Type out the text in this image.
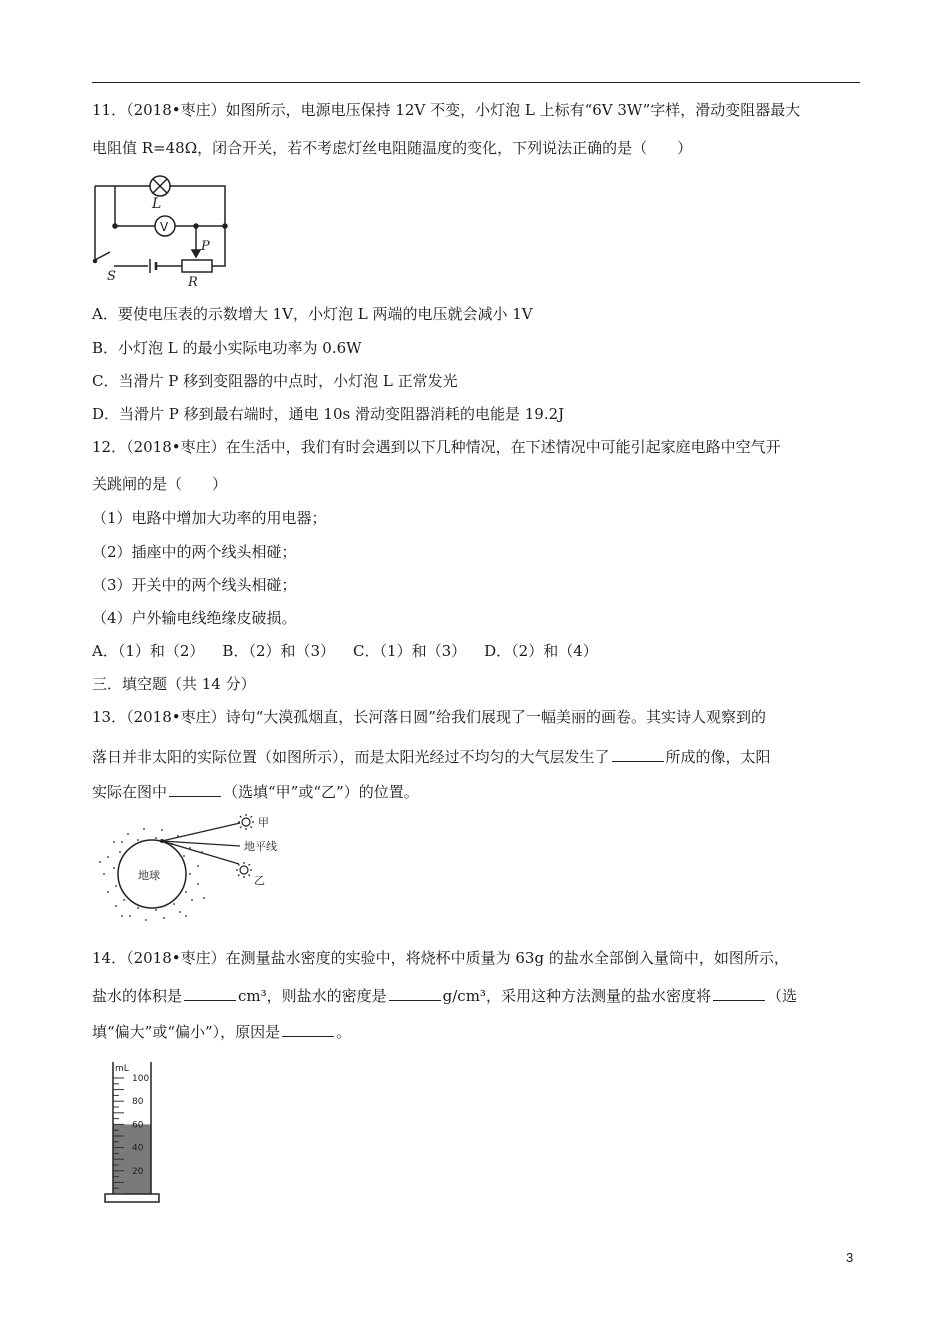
11．（2018•枣庄）如图所示，电源电压保持 12V 不变，小灯泡 L 上标有“6V 3W”字样，滑动变阻器最大
电阻值 R=48Ω，闭合开关，若不考虑灯丝电阻随温度的变化，下列说法正确的是（　　）
L
V
P
S	R
A．要使电压表的示数增大 1V，小灯泡 L 两端的电压就会减小 1V
B．小灯泡 L 的最小实际电功率为 0.6W
C．当滑片 P 移到变阻器的中点时，小灯泡 L 正常发光
D．当滑片 P 移到最右端时，通电 10s 滑动变阻器消耗的电能是 19.2J
12．（2018•枣庄）在生活中，我们有时会遇到以下几种情况，在下述情况中可能引起家庭电路中空气开
关跳闸的是（　　）
（1）电路中增加大功率的用电器；
（2）插座中的两个线头相碰；
（3）开关中的两个线头相碰；
（4）户外输电线绝缘皮破损。
A．（1）和（2） B．（2）和（3） C．（1）和（3） D．（2）和（4）
三．填空题（共 14 分）
13．（2018•枣庄）诗句“大漠孤烟直，长河落日圆”给我们展现了一幅美丽的画卷。其实诗人观察到的
落日并非太阳的实际位置（如图所示），而是太阳光经过不均匀的大气层发生了	所成的像，太阳
实际在图中	（选填“甲”或“乙”）的位置。
地球
甲
地平线
乙
14．（2018•枣庄）在测量盐水密度的实验中，将烧杯中质量为 63g 的盐水全部倒入量筒中，如图所示，
盐水的体积是	cm³，则盐水的密度是	g/cm³，采用这种方法测量的盐水密度将	（选
填“偏大”或“偏小”），原因是	。
mL
100
80
60
40
20
3
